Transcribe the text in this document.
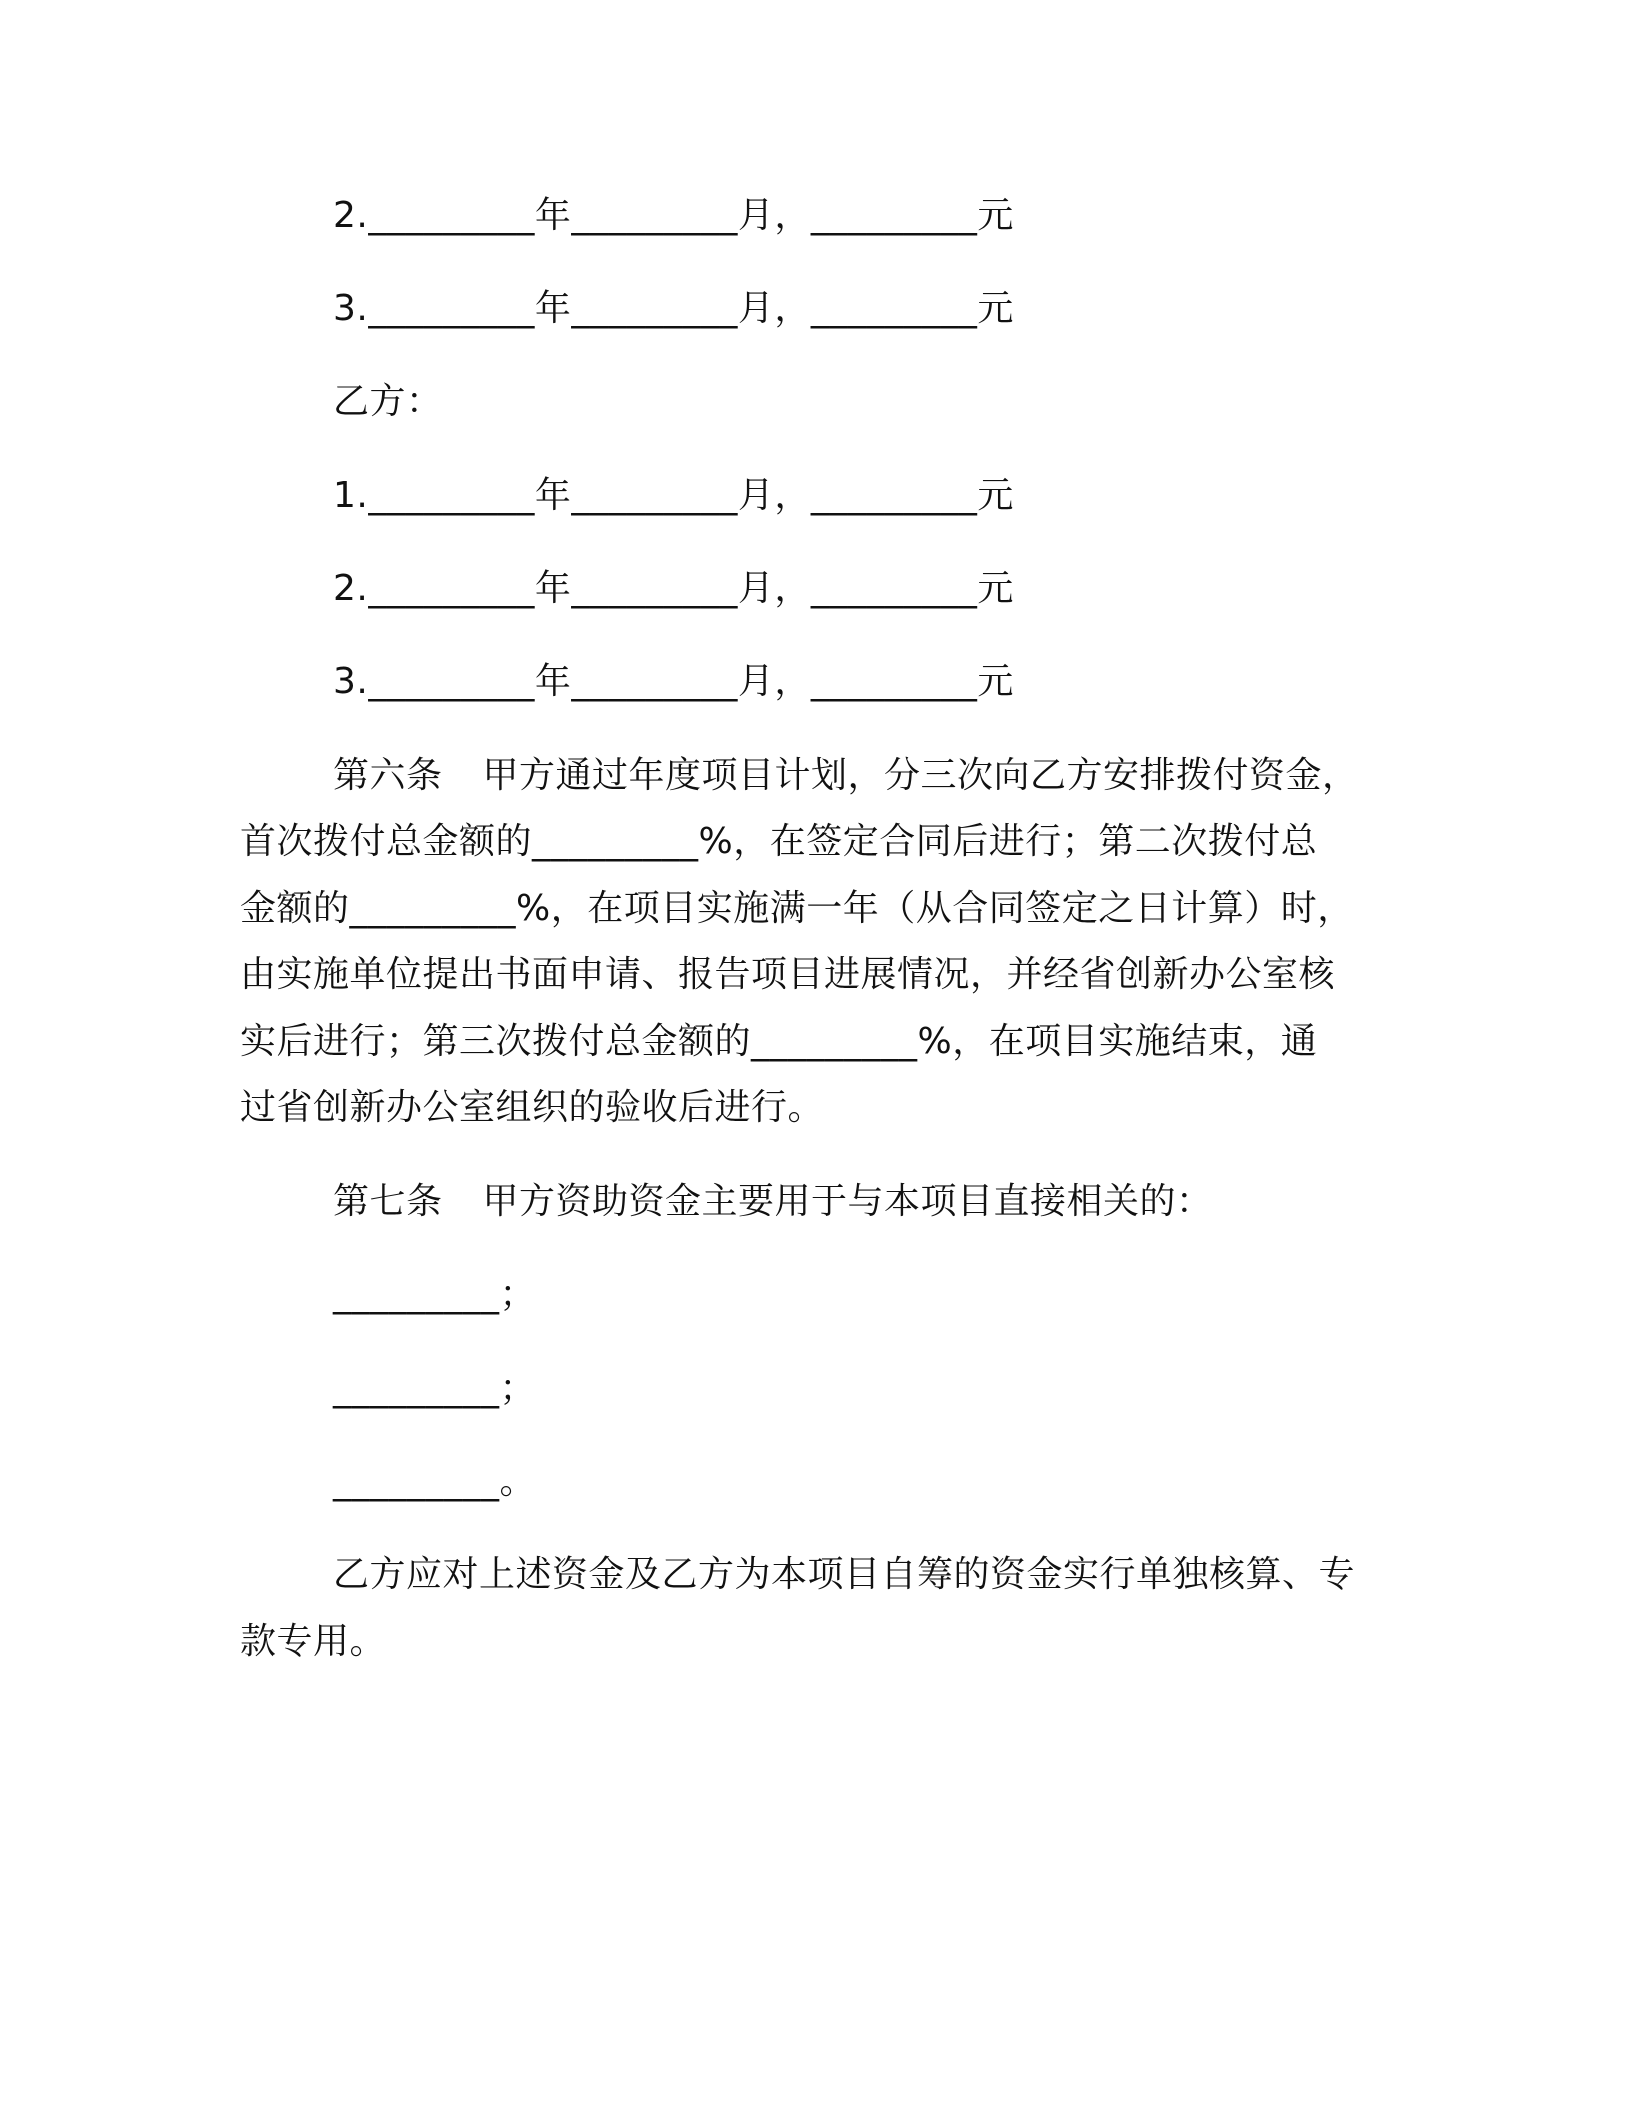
2._________年_________月，_________元
3._________年_________月，_________元
乙方：
1._________年_________月，_________元
2._________年_________月，_________元
3._________年_________月，_________元
第六条 甲方通过年度项目计划，分三次向乙方安排拨付资金，
首次拨付总金额的_________%，在签定合同后进行；第二次拨付总
金额的_________%，在项目实施满一年（从合同签定之日计算）时，
由实施单位提出书面申请、报告项目进展情况，并经省创新办公室核
实后进行；第三次拨付总金额的_________%，在项目实施结束，通
过省创新办公室组织的验收后进行。
第七条 甲方资助资金主要用于与本项目直接相关的：
_________；
_________；
_________。
乙方应对上述资金及乙方为本项目自筹的资金实行单独核算、专
款专用。
